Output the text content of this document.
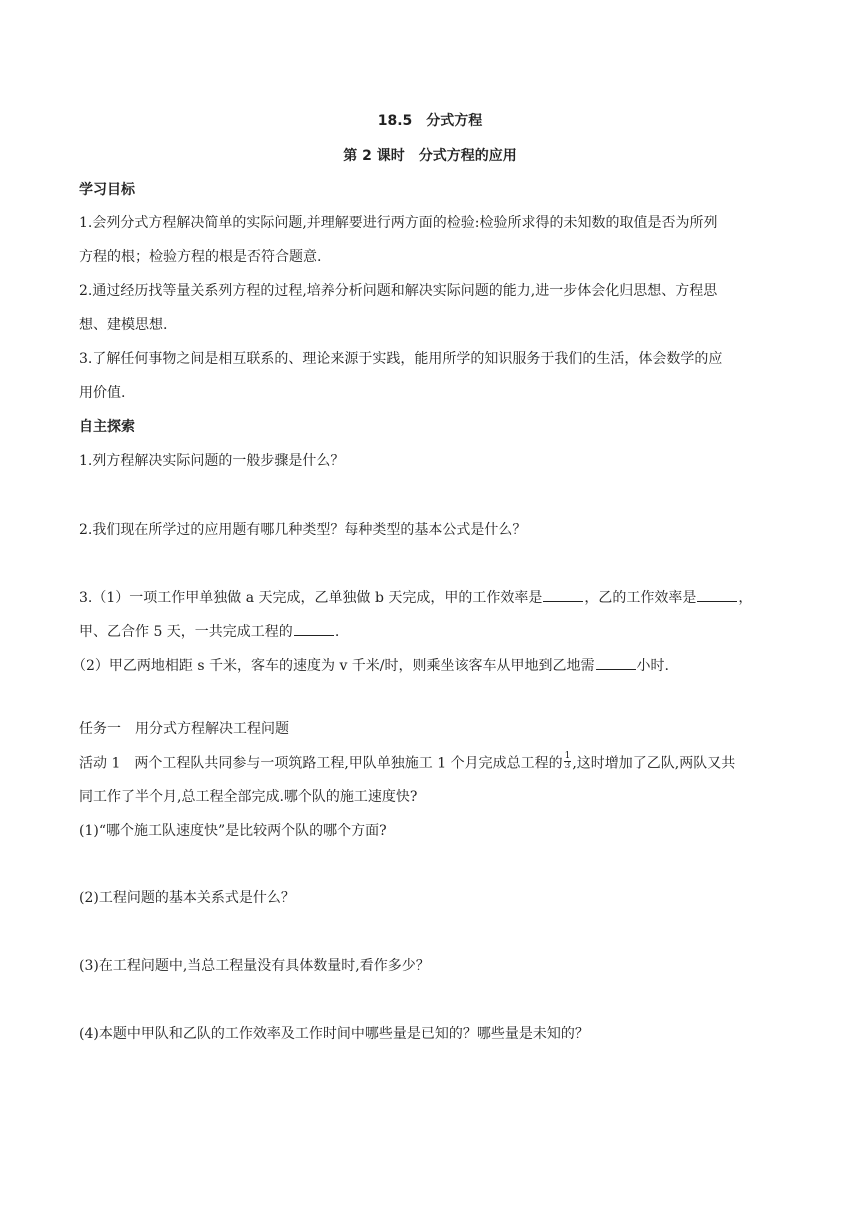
18.5　分式方程
第 2 课时　分式方程的应用
学习目标
1.会列分式方程解决简单的实际问题,并理解要进行两方面的检验:检验所求得的未知数的取值是否为所列
方程的根；检验方程的根是否符合题意.
2.通过经历找等量关系列方程的过程,培养分析问题和解决实际问题的能力,进一步体会化归思想、方程思
想、建模思想.
3.了解任何事物之间是相互联系的、理论来源于实践，能用所学的知识服务于我们的生活，体会数学的应
用价值.
自主探索
1.列方程解决实际问题的一般步骤是什么？
2.我们现在所学过的应用题有哪几种类型？每种类型的基本公式是什么？
3.（1）一项工作甲单独做 a 天完成，乙单独做 b 天完成，甲的工作效率是	，乙的工作效率是	，
甲、乙合作 5 天，一共完成工程的	.
（2）甲乙两地相距 s 千米，客车的速度为 v 千米/时，则乘坐该客车从甲地到乙地需	小时.
任务一　用分式方程解决工程问题
活动 1　两个工程队共同参与一项筑路工程,甲队单独施工 1 个月完成总工程的 $\frac{1}{3}$ ,这时增加了乙队,两队又共
同工作了半个月,总工程全部完成.哪个队的施工速度快?
(1)“哪个施工队速度快”是比较两个队的哪个方面?
(2)工程问题的基本关系式是什么？
(3)在工程问题中,当总工程量没有具体数量时,看作多少？
(4)本题中甲队和乙队的工作效率及工作时间中哪些量是已知的？哪些量是未知的？
